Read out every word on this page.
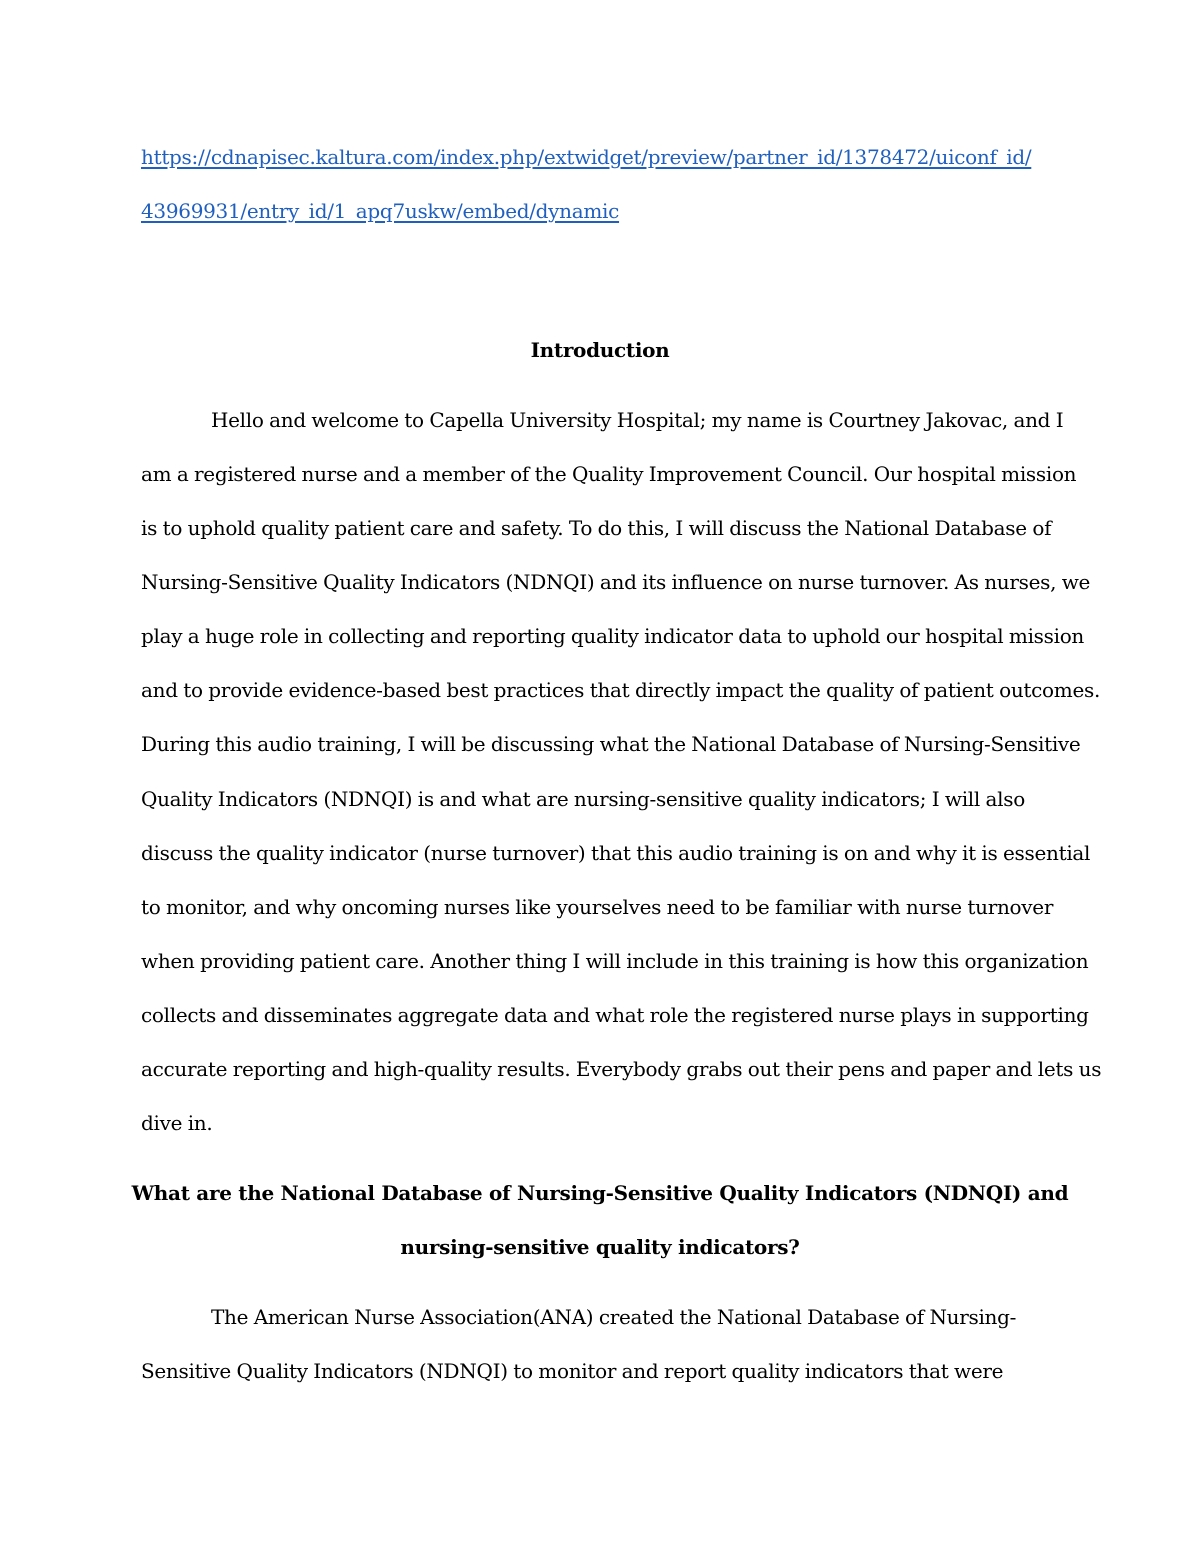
https://cdnapisec.kaltura.com/index.php/extwidget/preview/partner_id/1378472/uiconf_id/
43969931/entry_id/1_apq7uskw/embed/dynamic
Introduction
Hello and welcome to Capella University Hospital; my name is Courtney Jakovac, and I
am a registered nurse and a member of the Quality Improvement Council. Our hospital mission
is to uphold quality patient care and safety. To do this, I will discuss the National Database of
Nursing-Sensitive Quality Indicators (NDNQI) and its influence on nurse turnover. As nurses, we
play a huge role in collecting and reporting quality indicator data to uphold our hospital mission
and to provide evidence-based best practices that directly impact the quality of patient outcomes.
During this audio training, I will be discussing what the National Database of Nursing-Sensitive
Quality Indicators (NDNQI) is and what are nursing-sensitive quality indicators; I will also
discuss the quality indicator (nurse turnover) that this audio training is on and why it is essential
to monitor, and why oncoming nurses like yourselves need to be familiar with nurse turnover
when providing patient care. Another thing I will include in this training is how this organization
collects and disseminates aggregate data and what role the registered nurse plays in supporting
accurate reporting and high-quality results. Everybody grabs out their pens and paper and lets us
dive in.
What are the National Database of Nursing-Sensitive Quality Indicators (NDNQI) and
nursing-sensitive quality indicators?
The American Nurse Association(ANA) created the National Database of Nursing-
Sensitive Quality Indicators (NDNQI) to monitor and report quality indicators that were
